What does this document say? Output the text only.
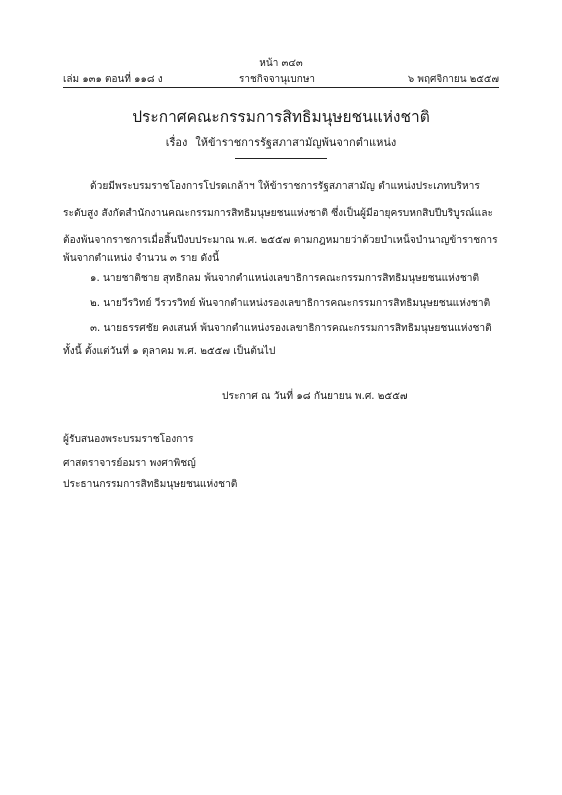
หน้า ๓๔๓
เล่ม ๑๓๑ ตอนที่ ๑๑๘ ง	ราชกิจจานุเบกษา	๖ พฤศจิกายน ๒๕๕๗
ประกาศคณะกรรมการสิทธิมนุษยชนแห่งชาติ
เรื่อง ให้ข้าราชการรัฐสภาสามัญพ้นจากตำแหน่ง
ด้วยมีพระบรมราชโองการโปรดเกล้าฯ ให้ข้าราชการรัฐสภาสามัญ ตำแหน่งประเภทบริหาร
ระดับสูง สังกัดสำนักงานคณะกรรมการสิทธิมนุษยชนแห่งชาติ ซึ่งเป็นผู้มีอายุครบหกสิบปีบริบูรณ์และ
ต้องพ้นจากราชการเมื่อสิ้นปีงบประมาณ พ.ศ. ๒๕๕๗ ตามกฎหมายว่าด้วยบำเหน็จบำนาญข้าราชการ
พ้นจากตำแหน่ง จำนวน ๓ ราย ดังนี้
๑. นายชาติชาย สุทธิกลม พ้นจากตำแหน่งเลขาธิการคณะกรรมการสิทธิมนุษยชนแห่งชาติ
๒. นายวีรวิทย์ วีรวรวิทย์ พ้นจากตำแหน่งรองเลขาธิการคณะกรรมการสิทธิมนุษยชนแห่งชาติ
๓. นายธรรศชัย คงเสนห์ พ้นจากตำแหน่งรองเลขาธิการคณะกรรมการสิทธิมนุษยชนแห่งชาติ
ทั้งนี้ ตั้งแต่วันที่ ๑ ตุลาคม พ.ศ. ๒๕๕๗ เป็นต้นไป
ประกาศ ณ วันที่ ๑๘ กันยายน พ.ศ. ๒๕๕๗
ผู้รับสนองพระบรมราชโองการ
ศาสตราจารย์อมรา พงศาพิชญ์
ประธานกรรมการสิทธิมนุษยชนแห่งชาติ
